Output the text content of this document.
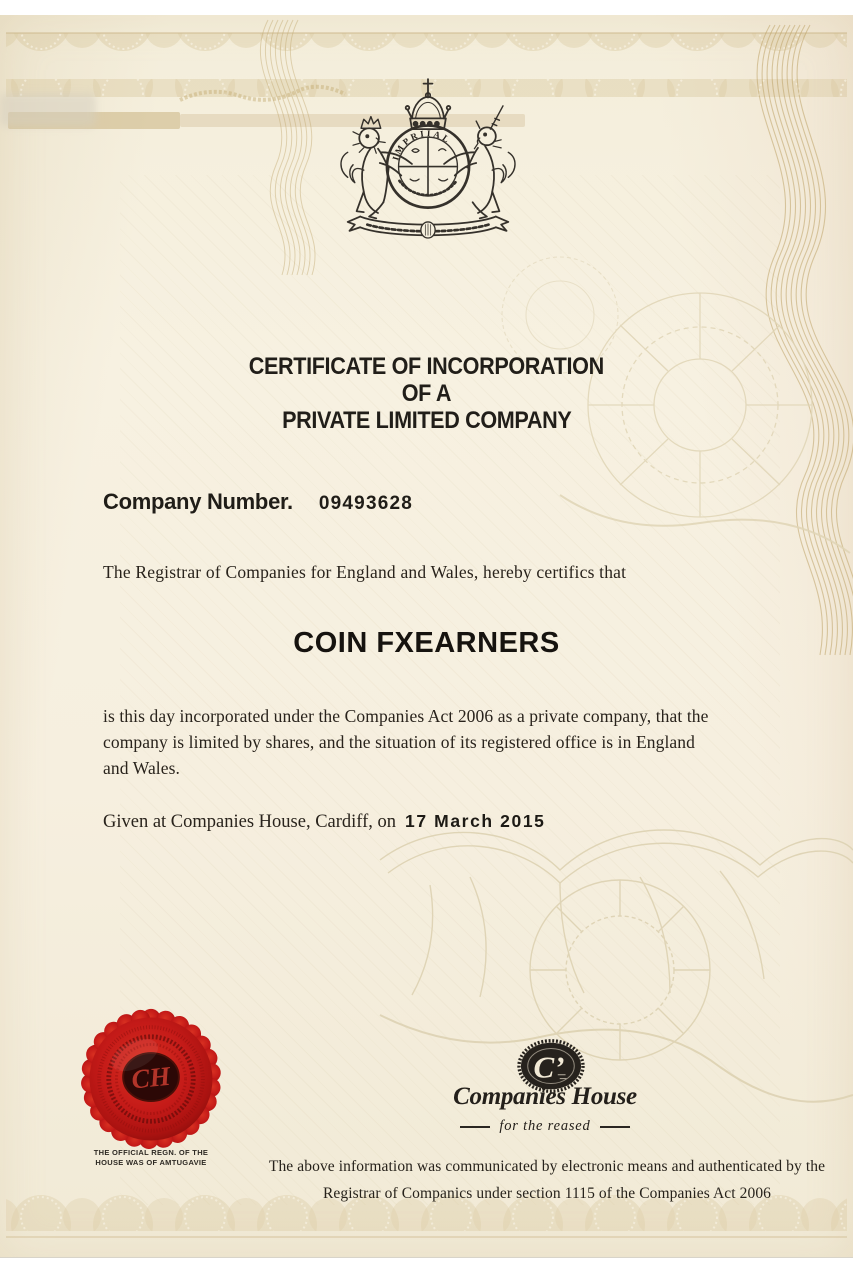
IMPRIIAL
CERTIFICATE OF INCORPORATION
OF A
PRIVATE LIMITED COMPANY
Company Number. 09493628
The Registrar of Companies for England and Wales, hereby certifics that
COIN FXEARNERS
is this day incorporated under the Companies Act 2006 as a private company, that the
company is limited by shares, and the situation of its registered office is in England
and Wales.
Given at Companies House, Cardiff, on 17 March 2015
CH
THE OFFICIAL REGN. OF THE
HOUSE WAS OF AMTUGAVIE
C’
Companies House
for the reased
The above information was communicated by electronic means and authenticated by the
Registrar of Companics under section 1115 of the Companies Act 2006
